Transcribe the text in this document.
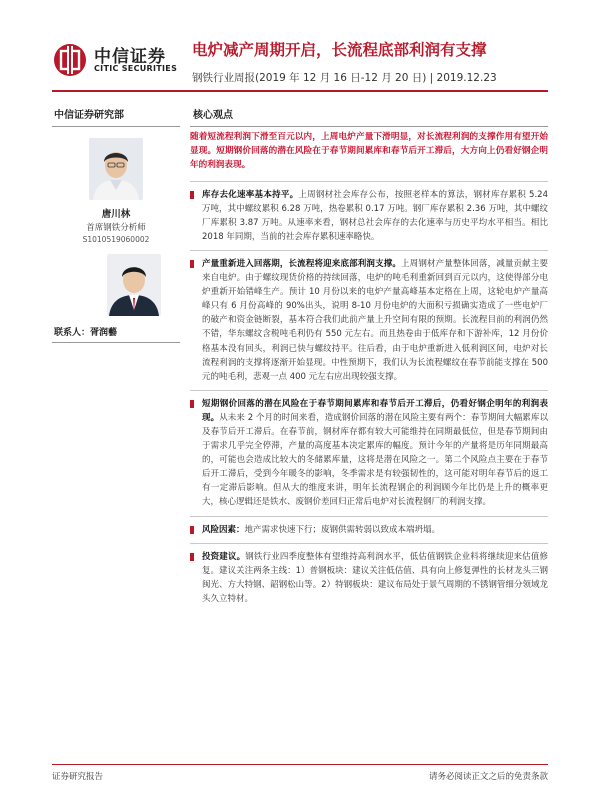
中信证券
CITIC SECURITIES
电炉减产周期开启，长流程底部利润有支撑
钢铁行业周报(2019 年 12 月 16 日-12 月 20 日) | 2019.12.23
中信证券研究部
唐川林
首席钢铁分析师
S1010519060002
联系人：胥润藝
核心观点
随着短流程利润下滑至百元以内，上周电炉产量下滑明显，对长流程利润的支撑作用有望开始显现。短期钢价回落的潜在风险在于春节期间累库和春节后开工滞后，大方向上仍看好钢企明年的利润表现。
库存去化速率基本持平。上周钢材社会库存公布，按照老样本的算法，钢材库存累积 5.24 万吨，其中螺纹累积 6.28 万吨，热卷累积 0.17 万吨。钢厂库存累积 2.36 万吨，其中螺纹厂库累积 3.87 万吨。从速率来看，钢材总社会库存的去化速率与历史平均水平相当。相比 2018 年同期，当前的社会库存累积速率略快。
产量重新进入回落期，长流程将迎来底部利润支撑。上周钢材产量整体回落，减量贡献主要来自电炉。由于螺纹现货价格的持续回落，电炉的吨毛利重新回到百元以内，这使得部分电炉重新开始错峰生产。预计 10 月份以来的电炉产量高峰基本定格在上周，这轮电炉产量高峰只有 6 月份高峰的 90%出头，说明 8-10 月份电炉的大面积亏损确实造成了一些电炉厂的破产和资金链断裂，基本符合我们此前产量上升空间有限的预期。长流程目前的利润仍然不错，华东螺纹含税吨毛利仍有 550 元左右。而且热卷由于低库存和下游补库，12 月份价格基本没有回头，利润已快与螺纹持平。往后看，由于电炉重新进入低利润区间，电炉对长流程利润的支撑将逐渐开始显现。中性预期下，我们认为长流程螺纹在春节前能支撑在 500 元的吨毛利，悲观一点 400 元左右应出现较强支撑。
短期钢价回落的潜在风险在于春节期间累库和春节后开工滞后，仍看好钢企明年的利润表现。从未来 2 个月的时间来看，造成钢价回落的潜在风险主要有两个：春节期间大幅累库以及春节后开工滞后。在春节前，钢材库存都有较大可能维持在同期最低位，但是春节期间由于需求几乎完全停滞，产量的高度基本决定累库的幅度。预计今年的产量将是历年同期最高的，可能也会造成比较大的冬储累库量，这将是潜在风险之一。第二个风险点主要在于春节后开工滞后，受到今年暖冬的影响，冬季需求是有较强韧性的，这可能对明年春节后的返工有一定滞后影响。但从大的维度来讲，明年长流程钢企的利润顾今年比仍是上升的概率更大，核心逻辑还是铁水、废钢价差回归正常后电炉对长流程钢厂的利润支撑。
风险因素：地产需求快速下行；废钢供需转弱以致成本端坍塌。
投资建议。钢铁行业四季度整体有望维持高利润水平，低估值钢铁企业料将继续迎来估值修复。建议关注两条主线：1）普钢板块：建议关注低估值、具有向上修复弹性的长材龙头三钢闽光、方大特钢、韶钢松山等。2）特钢板块：建议布局处于景气周期的不锈钢管细分领域龙头久立特材。
证券研究报告	请务必阅读正文之后的免责条款
